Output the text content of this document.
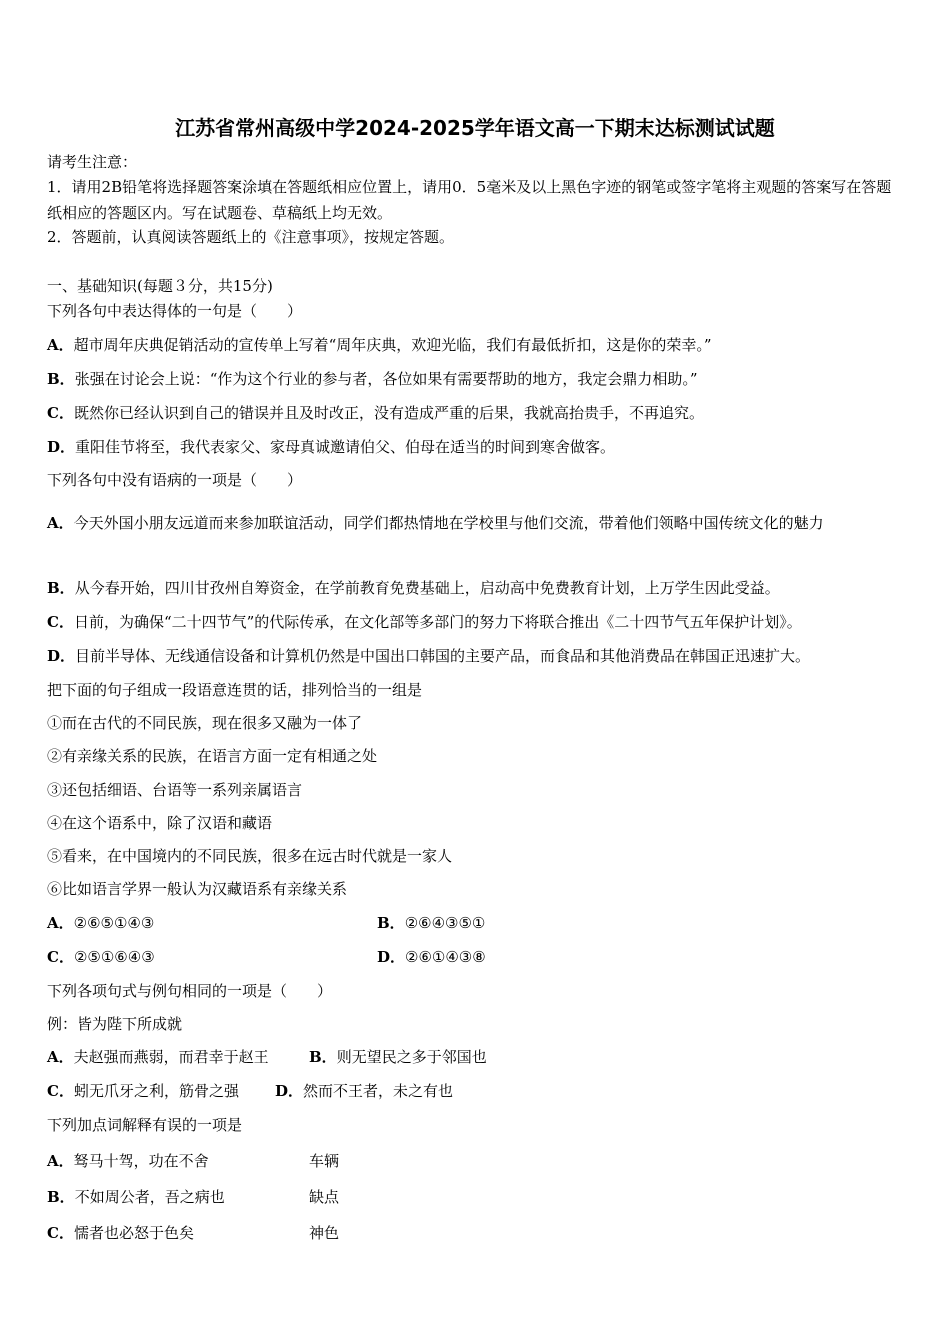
江苏省常州高级中学2024-2025学年语文高一下期末达标测试试题
请考生注意：
1．请用2B铅笔将选择题答案涂填在答题纸相应位置上，请用0．5毫米及以上黑色字迹的钢笔或签字笔将主观题的答案写在答题纸相应的答题区内。写在试题卷、草稿纸上均无效。
2．答题前，认真阅读答题纸上的《注意事项》，按规定答题。
一、基础知识(每题３分，共15分)
下列各句中表达得体的一句是（　　）
A．超市周年庆典促销活动的宣传单上写着“周年庆典，欢迎光临，我们有最低折扣，这是你的荣幸。”
B．张强在讨论会上说：“作为这个行业的参与者，各位如果有需要帮助的地方，我定会鼎力相助。”
C．既然你已经认识到自己的错误并且及时改正，没有造成严重的后果，我就高抬贵手，不再追究。
D．重阳佳节将至，我代表家父、家母真诚邀请伯父、伯母在适当的时间到寒舍做客。
下列各句中没有语病的一项是（　　）
A．今天外国小朋友远道而来参加联谊活动，同学们都热情地在学校里与他们交流，带着他们领略中国传统文化的魅力
B．从今春开始，四川甘孜州自筹资金，在学前教育免费基础上，启动高中免费教育计划，上万学生因此受益。
C．日前，为确保“二十四节气”的代际传承，在文化部等多部门的努力下将联合推出《二十四节气五年保护计划》。
D．目前半导体、无线通信设备和计算机仍然是中国出口韩国的主要产品，而食品和其他消费品在韩国正迅速扩大。
把下面的句子组成一段语意连贯的话，排列恰当的一组是
①而在古代的不同民族，现在很多又融为一体了
②有亲缘关系的民族，在语言方面一定有相通之处
③还包括细语、台语等一系列亲属语言
④在这个语系中，除了汉语和藏语
⑤看来，在中国境内的不同民族，很多在远古时代就是一家人
⑥比如语言学界一般认为汉藏语系有亲缘关系
A．②⑥⑤①④③	B．②⑥④③⑤①
C．②⑤①⑥④③	D．②⑥①④③⑧
下列各项句式与例句相同的一项是（　　）
例：皆为陛下所成就
A．夫赵强而燕弱，而君幸于赵王	B．则无望民之多于邻国也
C．蚓无爪牙之利，筋骨之强 D．然而不王者，未之有也
下列加点词解释有误的一项是
A．驽马十驾，功在不舍	车辆
B．不如周公者，吾之病也	缺点
C．懦者也必怒于色矣	神色
